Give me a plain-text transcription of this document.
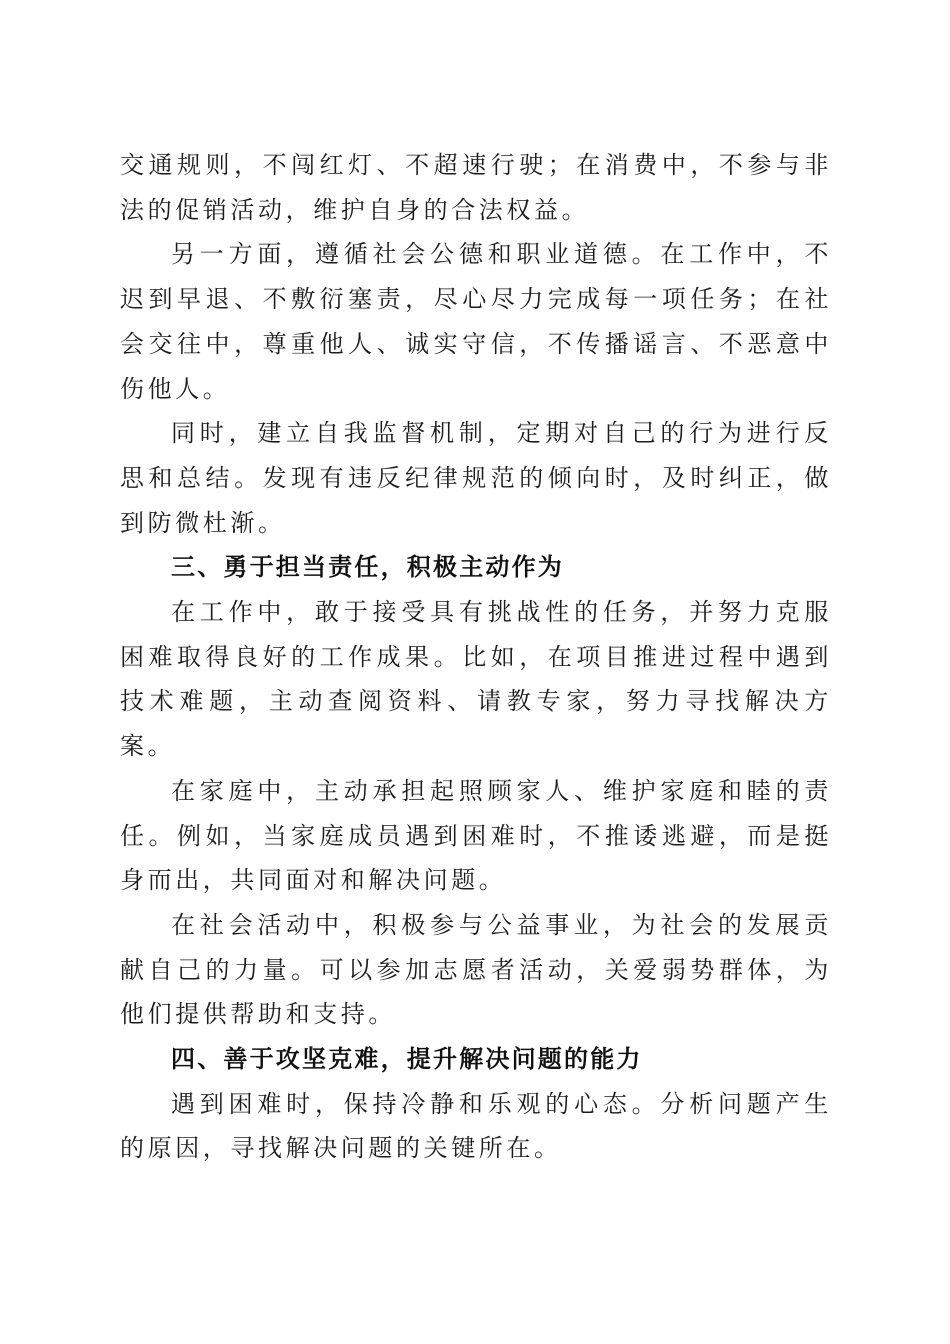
交通规则，不闯红灯、不超速行驶；在消费中，不参与非法的促销活动，维护自身的合法权益。

另一方面，遵循社会公德和职业道德。在工作中，不迟到早退、不敷衍塞责，尽心尽力完成每一项任务；在社会交往中，尊重他人、诚实守信，不传播谣言、不恶意中伤他人。

同时，建立自我监督机制，定期对自己的行为进行反思和总结。发现有违反纪律规范的倾向时，及时纠正，做到防微杜渐。

三、勇于担当责任，积极主动作为

在工作中，敢于接受具有挑战性的任务，并努力克服困难取得良好的工作成果。比如，在项目推进过程中遇到技术难题，主动查阅资料、请教专家，努力寻找解决方案。

在家庭中，主动承担起照顾家人、维护家庭和睦的责任。例如，当家庭成员遇到困难时，不推诿逃避，而是挺身而出，共同面对和解决问题。

在社会活动中，积极参与公益事业，为社会的发展贡献自己的力量。可以参加志愿者活动，关爱弱势群体，为他们提供帮助和支持。

四、善于攻坚克难，提升解决问题的能力

遇到困难时，保持冷静和乐观的心态。分析问题产生的原因，寻找解决问题的关键所在。
